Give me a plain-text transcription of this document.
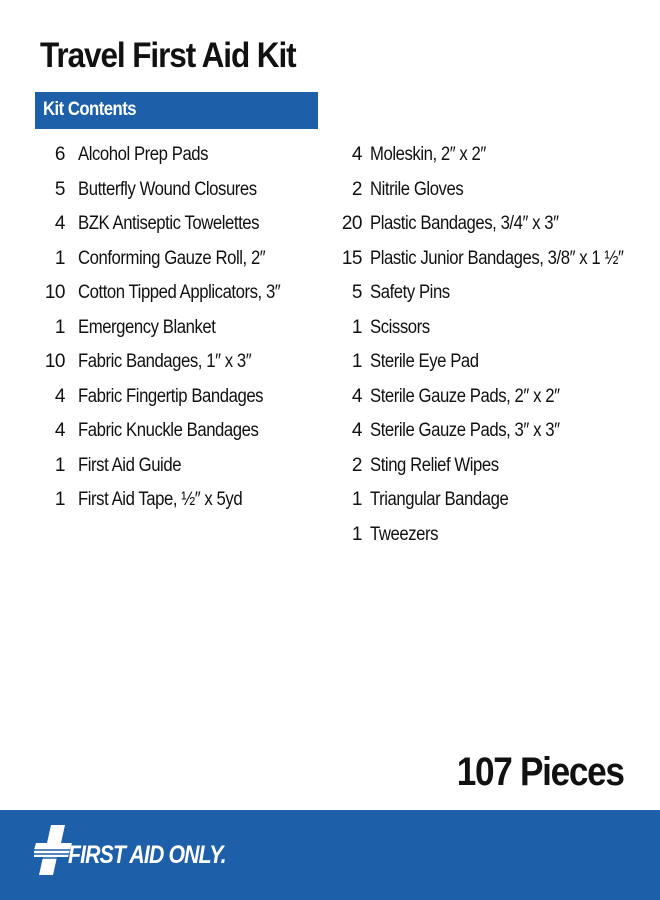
Travel First Aid Kit
Kit Contents
6 Alcohol Prep Pads
5 Butterfly Wound Closures
4 BZK Antiseptic Towelettes
1 Conforming Gauze Roll, 2″
10 Cotton Tipped Applicators, 3″
1 Emergency Blanket
10 Fabric Bandages, 1″ x 3″
4 Fabric Fingertip Bandages
4 Fabric Knuckle Bandages
1 First Aid Guide
1 First Aid Tape, ½″ x 5yd
4 Moleskin, 2″ x 2″
2 Nitrile Gloves
20 Plastic Bandages, 3/4″ x 3″
15 Plastic Junior Bandages, 3/8″ x 1 ½″
5 Safety Pins
1 Scissors
1 Sterile Eye Pad
4 Sterile Gauze Pads, 2″ x 2″
4 Sterile Gauze Pads, 3″ x 3″
2 Sting Relief Wipes
1 Triangular Bandage
1 Tweezers
107 Pieces
FIRST AID ONLY.
